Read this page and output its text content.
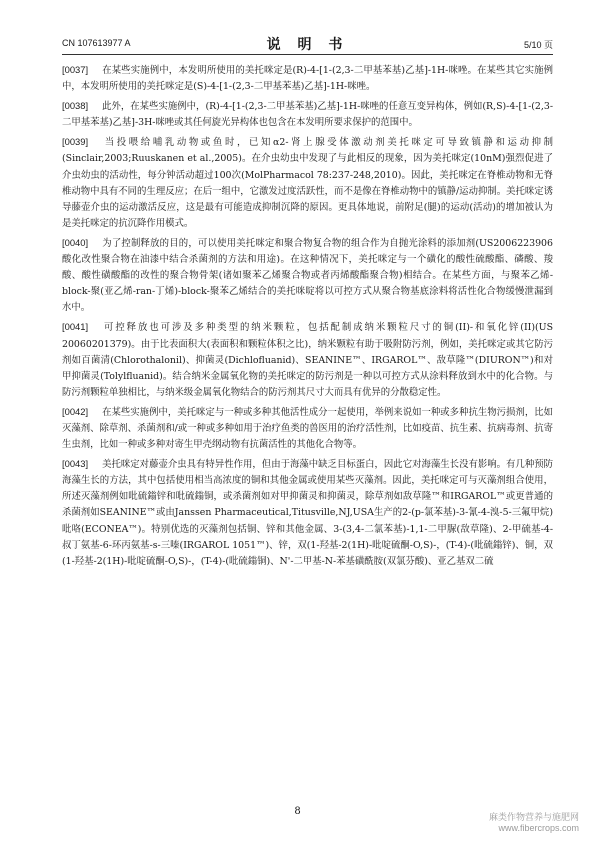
CN 107613977 A	说 明 书	5/10 页

[0037] 在某些实施例中，本发明所使用的美托咪定是(R)-4-[1-(2,3-二甲基苯基)乙基]-1H-咪唑。在某些其它实施例中，本发明所使用的美托咪定是(S)-4-[1-(2,3-二甲基苯基)乙基]-1H-咪唑。

[0038] 此外，在某些实施例中，(R)-4-[1-(2,3-二甲基苯基)乙基]-1H-咪唑的任意互变异构体，例如(R,S)-4-[1-(2,3-二甲基苯基)乙基]-3H-咪唑或其任何旋光异构体也包含在本发明所要求保护的范围中。

[0039] 当投喂给哺乳动物或鱼时，已知α2-肾上腺受体激动剂美托咪定可导致镇静和运动抑制(Sinclair,2003;Ruuskanen et al.,2005)。在介虫幼虫中发现了与此相反的现象，因为美托咪定(10nM)强烈促进了介虫幼虫的活动性，每分钟活动超过100次(MolPharmacol 78:237-248,2010)。因此，美托咪定在脊椎动物和无脊椎动物中具有不同的生理反应；在后一组中，它激发过度活跃性，而不是像在脊椎动物中的镇静/运动抑制。美托咪定诱导藤壶介虫的运动激活反应，这是最有可能造成抑制沉降的原因。更具体地说，前附足(腿)的运动(活动)的增加被认为是美托咪定的抗沉降作用模式。

[0040] 为了控制释放的目的，可以使用美托咪定和聚合物复合物的组合作为自抛光涂料的添加剂(US2006223906酸化改性聚合物在油漆中结合杀菌剂的方法和用途)。在这种情况下，美托咪定与一个磺化的酸性硫酸酯、磷酸、羧酸、酸性磺酸酯的改性的聚合物骨架(诸如聚苯乙烯聚合物或者丙烯酸酯聚合物)相结合。在某些方面，与聚苯乙烯-block-聚(亚乙烯-ran-丁烯)-block-聚苯乙烯结合的美托咪啶将以可控方式从聚合物基底涂料将活性化合物缓慢泄漏到水中。

[0041] 可控释放也可涉及多种类型的纳米颗粒，包括配制成纳米颗粒尺寸的铜(II)-和氧化锌(II)(US 20060201379)。由于比表面积大(表面积和颗粒体积之比)，纳米颗粒有助于吸附防污剂，例如，美托咪定或其它防污剂如百菌清(Chlorothalonil)、抑菌灵(Dichlofluanid)、SEANINE™、IRGAROL™、敌草隆™(DIURON™)和对甲抑菌灵(Tolylfluanid)。结合纳米金属氧化物的美托咪定的防污剂是一种以可控方式从涂料释放到水中的化合物。与防污剂颗粒单独相比，与纳米级金属氧化物结合的防污剂其尺寸大而具有优异的分散稳定性。

[0042] 在某些实施例中，美托咪定与一种或多种其他活性成分一起使用，举例来说如一种或多种抗生物污损剂，比如灭藻剂、除草剂、杀菌剂和/或一种或多种如用于治疗鱼类的兽医用的治疗活性剂，比如疫苗、抗生素、抗病毒剂、抗寄生虫剂，比如一种或多种对寄生甲壳纲动物有抗菌活性的其他化合物等。

[0043] 美托咪定对藤壶介虫具有特异性作用，但由于海藻中缺乏目标蛋白，因此它对海藻生长没有影响。有几种预防海藻生长的方法，其中包括使用相当高浓度的铜和其他金属或使用某些灭藻剂。因此，美托咪定可与灭藻剂组合使用，所述灭藻剂例如吡硫鎓锌和吡硫鎓铜，或杀菌剂如对甲抑菌灵和抑菌灵，除草剂如敌草隆™和IRGAROL™或更普通的杀菌剂如SEANINE™或由Janssen Pharmaceutical,Titusville,NJ,USA生产的2-(p-氯苯基)-3-氰-4-溴-5-三氟甲烷)吡咯(ECONEA™)。特别优选的灭藻剂包括铜、锌和其他金属、3-(3,4-二氯苯基)-1,1-二甲脲(敌草隆)、2-甲硫基-4-叔丁氨基-6-环丙氨基-s-三嗪(IRGAROL 1051™)、锌，双(1-羟基-2(1H)-吡啶硫酮-O,S)-，(T-4)-(吡硫鎓锌)、铜，双(1-羟基-2(1H)-吡啶硫酮-O,S)-，(T-4)-(吡硫鎓铜)、N'-二甲基-N-苯基磺酰胺(双氯芬酸)、亚乙基双二硫

8	麻类作物营养与施肥网
www.fibercrops.com
